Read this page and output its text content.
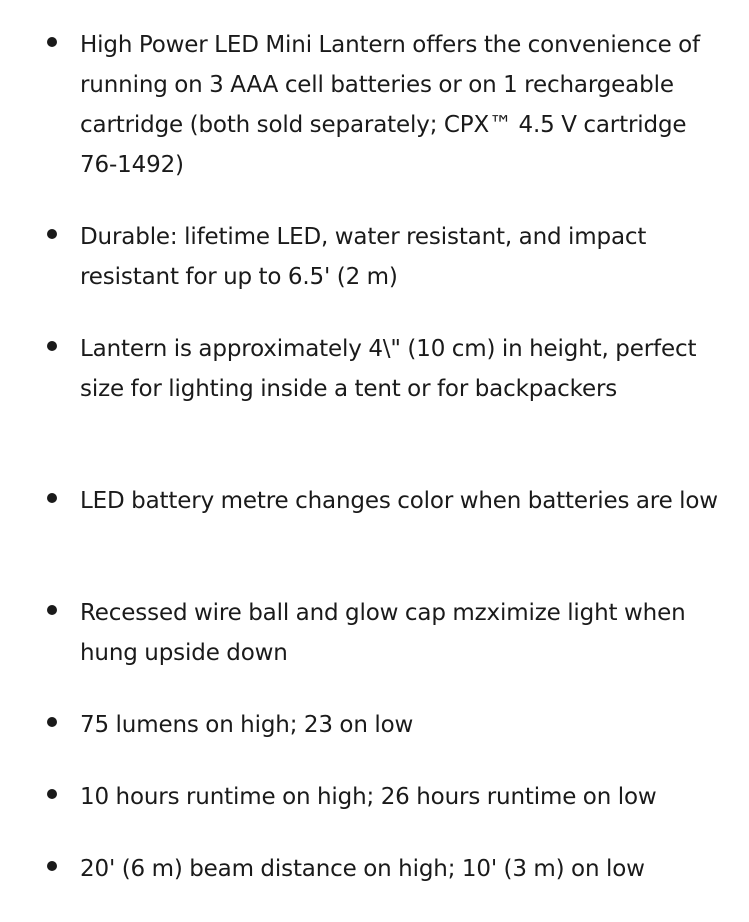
High Power LED Mini Lantern offers the convenience of running on 3 AAA cell batteries or on 1 rechargeable cartridge (both sold separately; CPX™ 4.5 V cartridge 76-1492)
Durable: lifetime LED, water resistant, and impact resistant for up to 6.5' (2 m)
Lantern is approximately 4\" (10 cm) in height, perfect size for lighting inside a tent or for backpackers
LED battery metre changes color when batteries are low
Recessed wire ball and glow cap mzximize light when hung upside down
75 lumens on high; 23 on low
10 hours runtime on high; 26 hours runtime on low
20' (6 m) beam distance on high; 10' (3 m) on low
